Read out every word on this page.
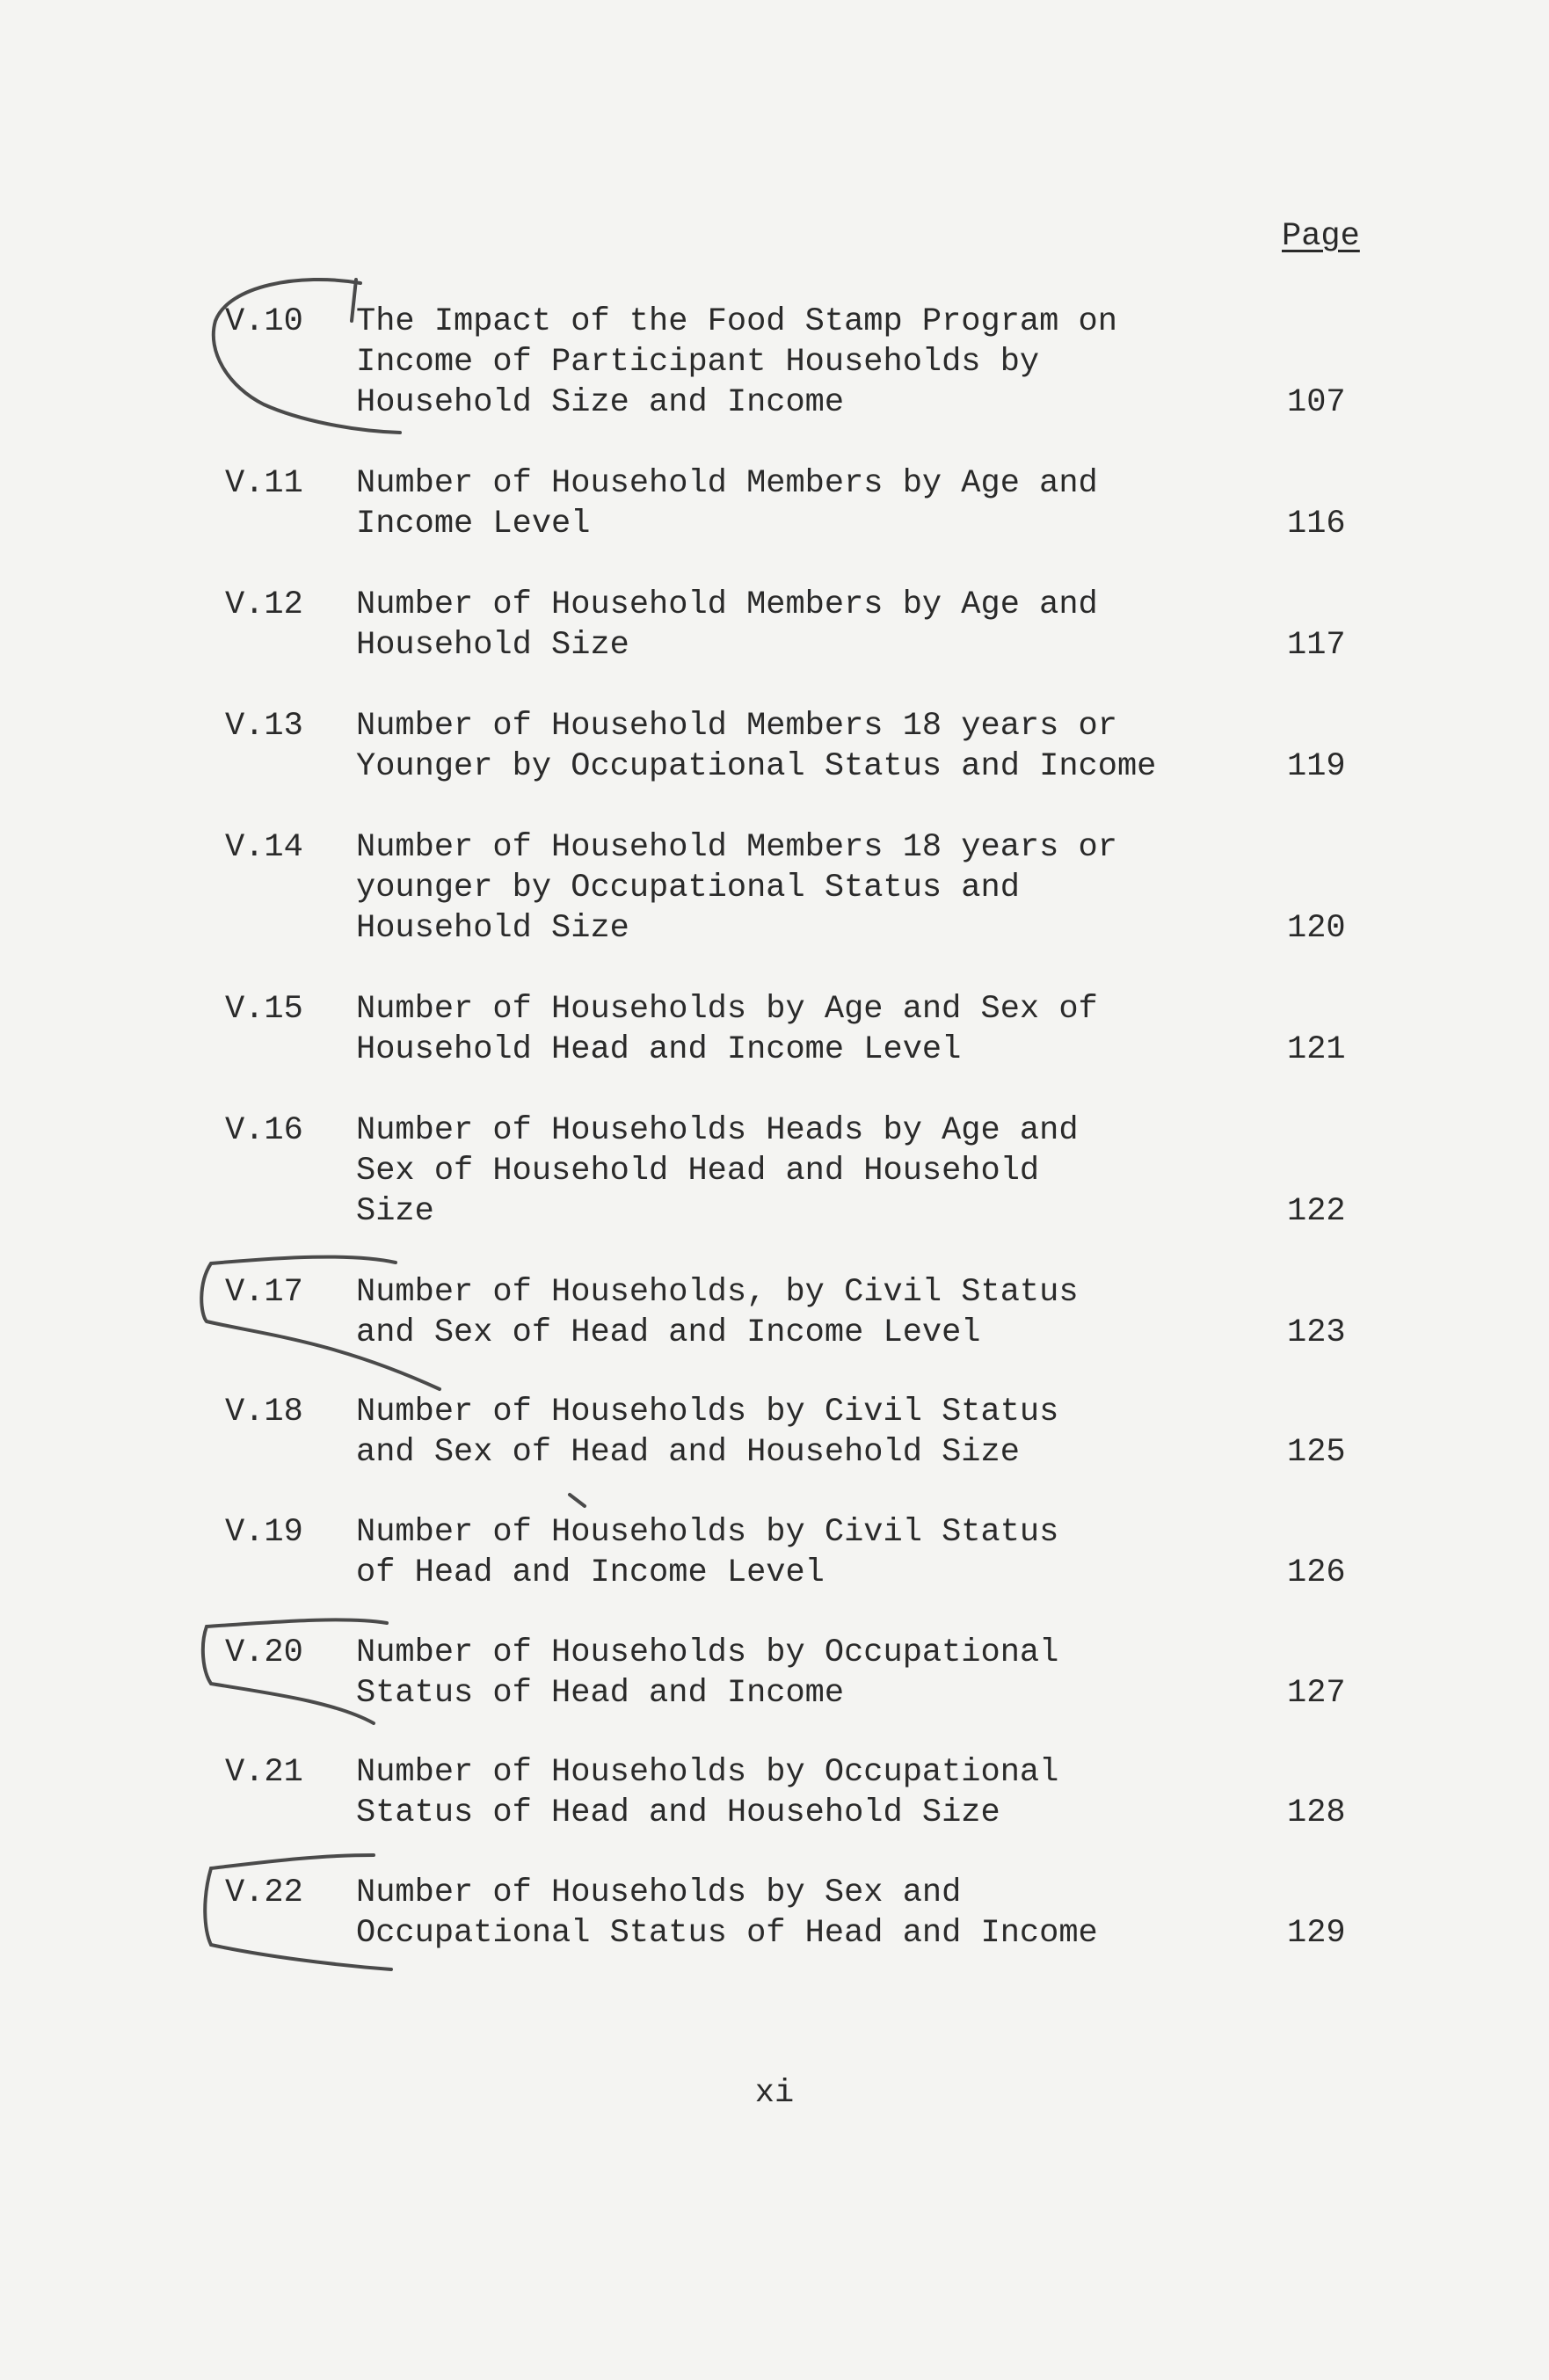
Page
V.10 The Impact of the Food Stamp Program on
Income of Participant Households by
Household Size and Income	107
V.11 Number of Household Members by Age and
Income Level	116
V.12 Number of Household Members by Age and
Household Size	117
V.13 Number of Household Members 18 years or
Younger by Occupational Status and Income	119
V.14 Number of Household Members 18 years or
younger by Occupational Status and
Household Size	120
V.15 Number of Households by Age and Sex of
Household Head and Income Level	121
V.16 Number of Households Heads by Age and
Sex of Household Head and Household
Size	122
V.17 Number of Households, by Civil Status
and Sex of Head and Income Level	123
V.18 Number of Households by Civil Status
and Sex of Head and Household Size	125
V.19 Number of Households by Civil Status
of Head and Income Level	126
V.20 Number of Households by Occupational
Status of Head and Income	127
V.21 Number of Households by Occupational
Status of Head and Household Size	128
V.22 Number of Households by Sex and
Occupational Status of Head and Income	129
xi
